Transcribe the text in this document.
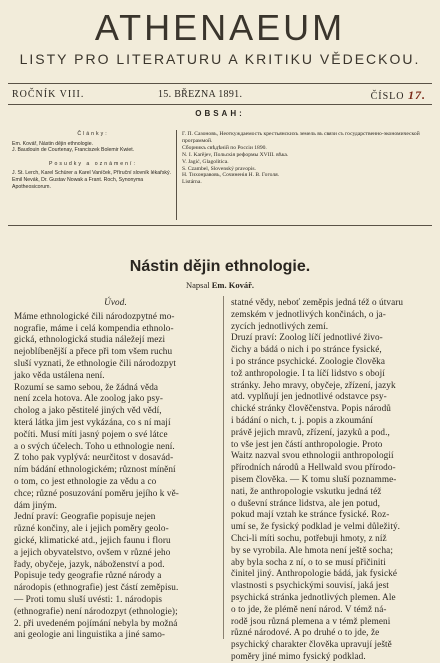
ATHENAEUM
LISTY PRO LITERATURU A KRITIKU VĚDECKOU.
ROČNÍK VIII.	15. BŘEZNA 1891.	ČÍSLO 17.
OBSAH:
Články:

Em. Kovář, Nástin dějin ethnologie.

J. Baudouin de Courtenay, Franciszek Bolemir Kwiet.

Posudky a oznámení:

J. St. Lerch, Karel Schürer a Karel Vaníček, Příruční slovník lékařský.

Emil Nevák, Dr. Gustav Nowak a Frant. Roch, Synonyma Apotheosicorum.

Г. П. Сазоновъ, Неоткуждаемость крестьянскихъ земель въ связи съ государственно-экономической программой.

Сборникъ свѣдѣній по Россіи 1890.

N. I. Karějev, Польскія реформы XVIII. вѣка.

V. Jagić, Glagolitica.

S. Czambel, Slovenský pravopis.

Н. Тихонравовъ, Сочиненія Н. В. Гоголя.

Listárna.

Nástin dějin ethnologie.
Napsal Em. Kovář.

Úvod.

Máme ethnologické čili národozpytné mo-

nografie, máme i celá kompendia ethnolo-

gická, ethnologická studia náležejí mezi

nejoblíbenější a přece při tom všem ruchu

sluší vyznati, že ethnologie čili národozpyt

jako věda ustálena není.

Rozumí se samo sebou, že žádná věda

není zcela hotova. Ale zoolog jako psy-

cholog a jako pěstitelé jiných věd vědí,

která látka jim jest vykázána, co s ní mají

počíti. Musí míti jasný pojem o své látce

a o svých účelech. Toho u ethnologie není.

Z toho pak vyplývá: neurčitost v dosavád-

ním bádání ethnologickém; různost mínění

o tom, co jest ethnologie za vědu a co

chce; různé posuzování poměru jejího k vě-

dám jiným.

Jední praví: Geografie popisuje nejen

různé končiny, ale i jejich poměry geolo-

gické, klimatické atd., jejich faunu i floru

a jejich obyvatelstvo, ovšem v různé jeho

řady, obyčeje, jazyk, náboženství a pod.

Popisuje tedy geografie různé národy a

národopis (ethnografie) jest částí zeměpisu.

— Proti tomu sluší uvésti: 1. národopis

(ethnografie) není národozpyt (ethnologie);

2. při uvedeném pojímání nebyla by možná

ani geologie ani linguistika a jiné samo-

statné vědy, neboť zeměpis jedná též o útvaru

zemském v jednotlivých končinách, o ja-

zycích jednotlivých zemí.

Druzí praví: Zoolog líčí jednotlivé živo-

čichy a bádá o nich i po stránce fysické,

i po stránce psychické. Zoologie člověka

tož anthropologie. I ta líčí lidstvo s obojí

stránky. Jeho mravy, obyčeje, zřízení, jazyk

atd. vyplňují jen jednotlivé odstavce psy-

chické stránky člověčenstva. Popis národů

i bádání o nich, t. j. popis a zkoumání

právě jejich mravů, zřízení, jazyků a pod.,

to vše jest jen částí anthropologie. Proto

Waitz nazval svou ethnologii anthropologií

přírodních národů a Hellwald svou přírodo-

pisem člověka. — K tomu sluší poznamme-

nati, že anthropologie vskutku jedná též

o duševní stránce lidstva, ale jen potud,

pokud mají vztah ke stránce fysické. Roz-

umí se, že fysický podklad je velmi důležitý.

Chci-li míti sochu, potřebuji hmoty, z níž

by se vyrobila. Ale hmota není ještě socha;

aby byla socha z ní, o to se musí přičiniti

činitel jiný. Anthropologie bádá, jak fysické

vlastnosti s psychickými souvisí, jaká jest

psychická stránka jednotlivých plemen. Ale

o to jde, že plémě není národ. V témž ná-

rodě jsou různá plemena a v témž plemeni

různé národové. A po druhé o to jde, že

psychický charakter člověka upravují ještě

poměry jiné mimo fysický podklad.
